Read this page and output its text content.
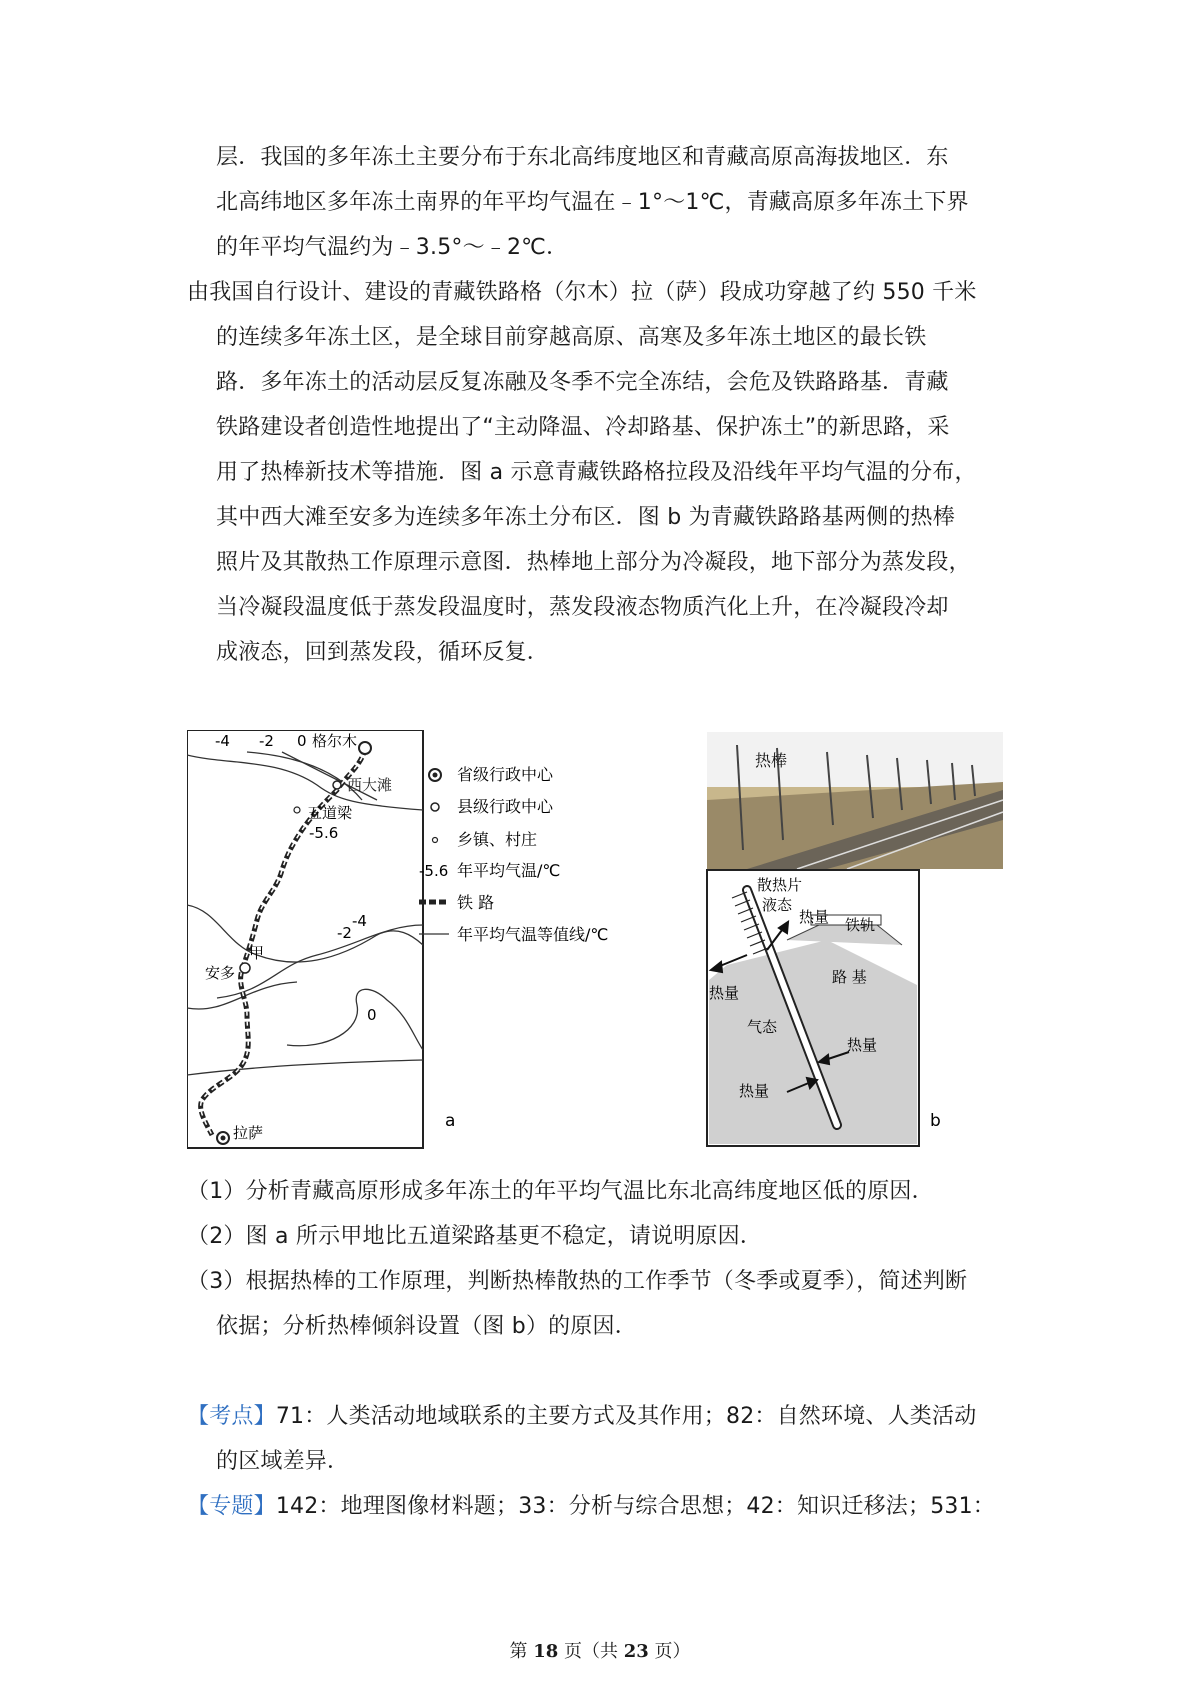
层．我国的多年冻土主要分布于东北高纬度地区和青藏高原高海拔地区．东
北高纬地区多年冻土南界的年平均气温在﹣1°～1℃，青藏高原多年冻土下界
的年平均气温约为﹣3.5°～﹣2℃．
由我国自行设计、建设的青藏铁路格（尔木）拉（萨）段成功穿越了约 550 千米
的连续多年冻土区，是全球目前穿越高原、高寒及多年冻土地区的最长铁
路．多年冻土的活动层反复冻融及冬季不完全冻结，会危及铁路路基．青藏
铁路建设者创造性地提出了“主动降温、冷却路基、保护冻土”的新思路，采
用了热棒新技术等措施．图 a 示意青藏铁路格拉段及沿线年平均气温的分布，
其中西大滩至安多为连续多年冻土分布区．图 b 为青藏铁路路基两侧的热棒
照片及其散热工作原理示意图．热棒地上部分为冷凝段，地下部分为蒸发段，
当冷凝段温度低于蒸发段温度时，蒸发段液态物质汽化上升，在冷凝段冷却
成液态，回到蒸发段，循环反复．
-4 -2 0
-4
-2
0
格尔木
西大滩
五道梁
-5.6
甲
安多
拉萨
省级行政中心
县级行政中心
乡镇、村庄
-5.6 年平均气温/℃
铁 路
年平均气温等值线/℃
a
热棒
散热片
液态
热量 铁轨
热量
路 基
气态
热量
热量
b
（1）分析青藏高原形成多年冻土的年平均气温比东北高纬度地区低的原因．
（2）图 a 所示甲地比五道梁路基更不稳定，请说明原因．
（3）根据热棒的工作原理，判断热棒散热的工作季节（冬季或夏季），简述判断
依据；分析热棒倾斜设置（图 b）的原因．
【考点】71：人类活动地域联系的主要方式及其作用；82：自然环境、人类活动
的区域差异．
【专题】142：地理图像材料题；33：分析与综合思想；42：知识迁移法；531：
第 18 页（共 23 页）
